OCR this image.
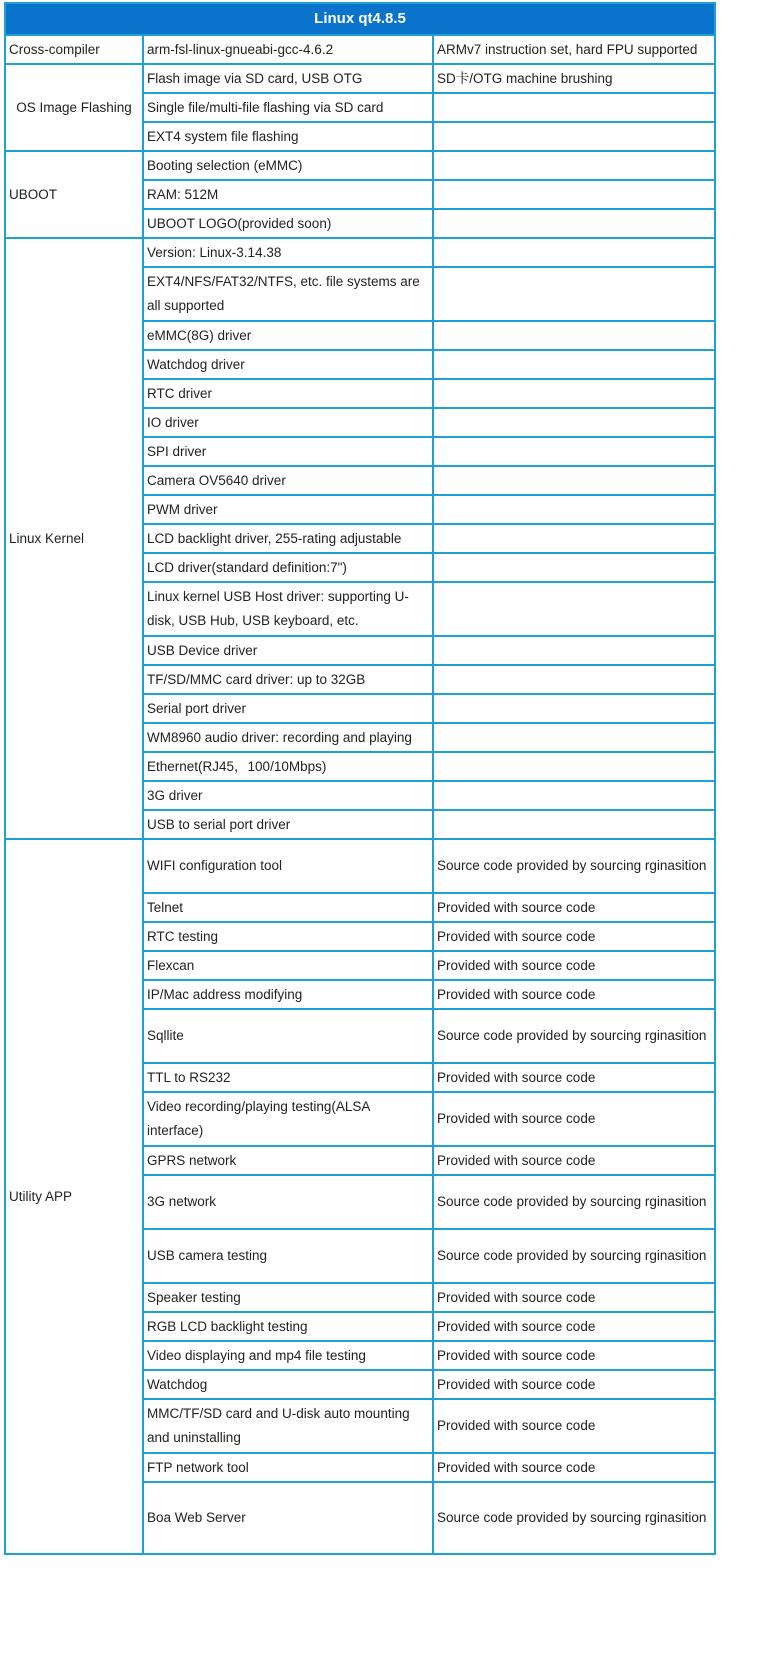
Linux qt4.8.5		
Cross-compiler	arm-fsl-linux-gnueabi-gcc-4.6.2	ARMv7 instruction set, hard FPU supported
OS Image Flashing	Flash image via SD card, USB OTG	SD卡/OTG machine brushing
	Single file/multi-file flashing via SD card	
	EXT4 system file flashing	
UBOOT	Booting selection (eMMC)	
	RAM: 512M	
	UBOOT LOGO(provided soon)	
Linux Kernel	Version: Linux-3.14.38	
	EXT4/NFS/FAT32/NTFS, etc. file systems are all supported	
	eMMC(8G) driver	
	Watchdog driver	
	RTC driver	
	IO driver	
	SPI driver	
	Camera OV5640 driver	
	PWM driver	
	LCD backlight driver, 255-rating adjustable	
	LCD driver(standard definition:7")	
	Linux kernel USB Host driver: supporting U-disk, USB Hub, USB keyboard, etc.	
	USB Device driver	
	TF/SD/MMC card driver: up to 32GB	
	Serial port driver	
	WM8960 audio driver: recording and playing	
	Ethernet(RJ45，100/10Mbps)	
	3G driver	
	USB to serial port driver	
Utility APP	WIFI configuration tool	Source code provided by sourcing rginasition
	Telnet	Provided with source code
	RTC testing	Provided with source code
	Flexcan	Provided with source code
	IP/Mac address modifying	Provided with source code
	Sqllite	Source code provided by sourcing rginasition
	TTL to RS232	Provided with source code
	Video recording/playing testing(ALSA interface)	Provided with source code
	GPRS network	Provided with source code
	3G network	Source code provided by sourcing rginasition
	USB camera testing	Source code provided by sourcing rginasition
	Speaker testing	Provided with source code
	RGB LCD backlight testing	Provided with source code
	Video displaying and mp4 file testing	Provided with source code
	Watchdog	Provided with source code
	MMC/TF/SD card and U-disk auto mounting and uninstalling	Provided with source code
	FTP network tool	Provided with source code
	Boa Web Server	Source code provided by sourcing rginasition
